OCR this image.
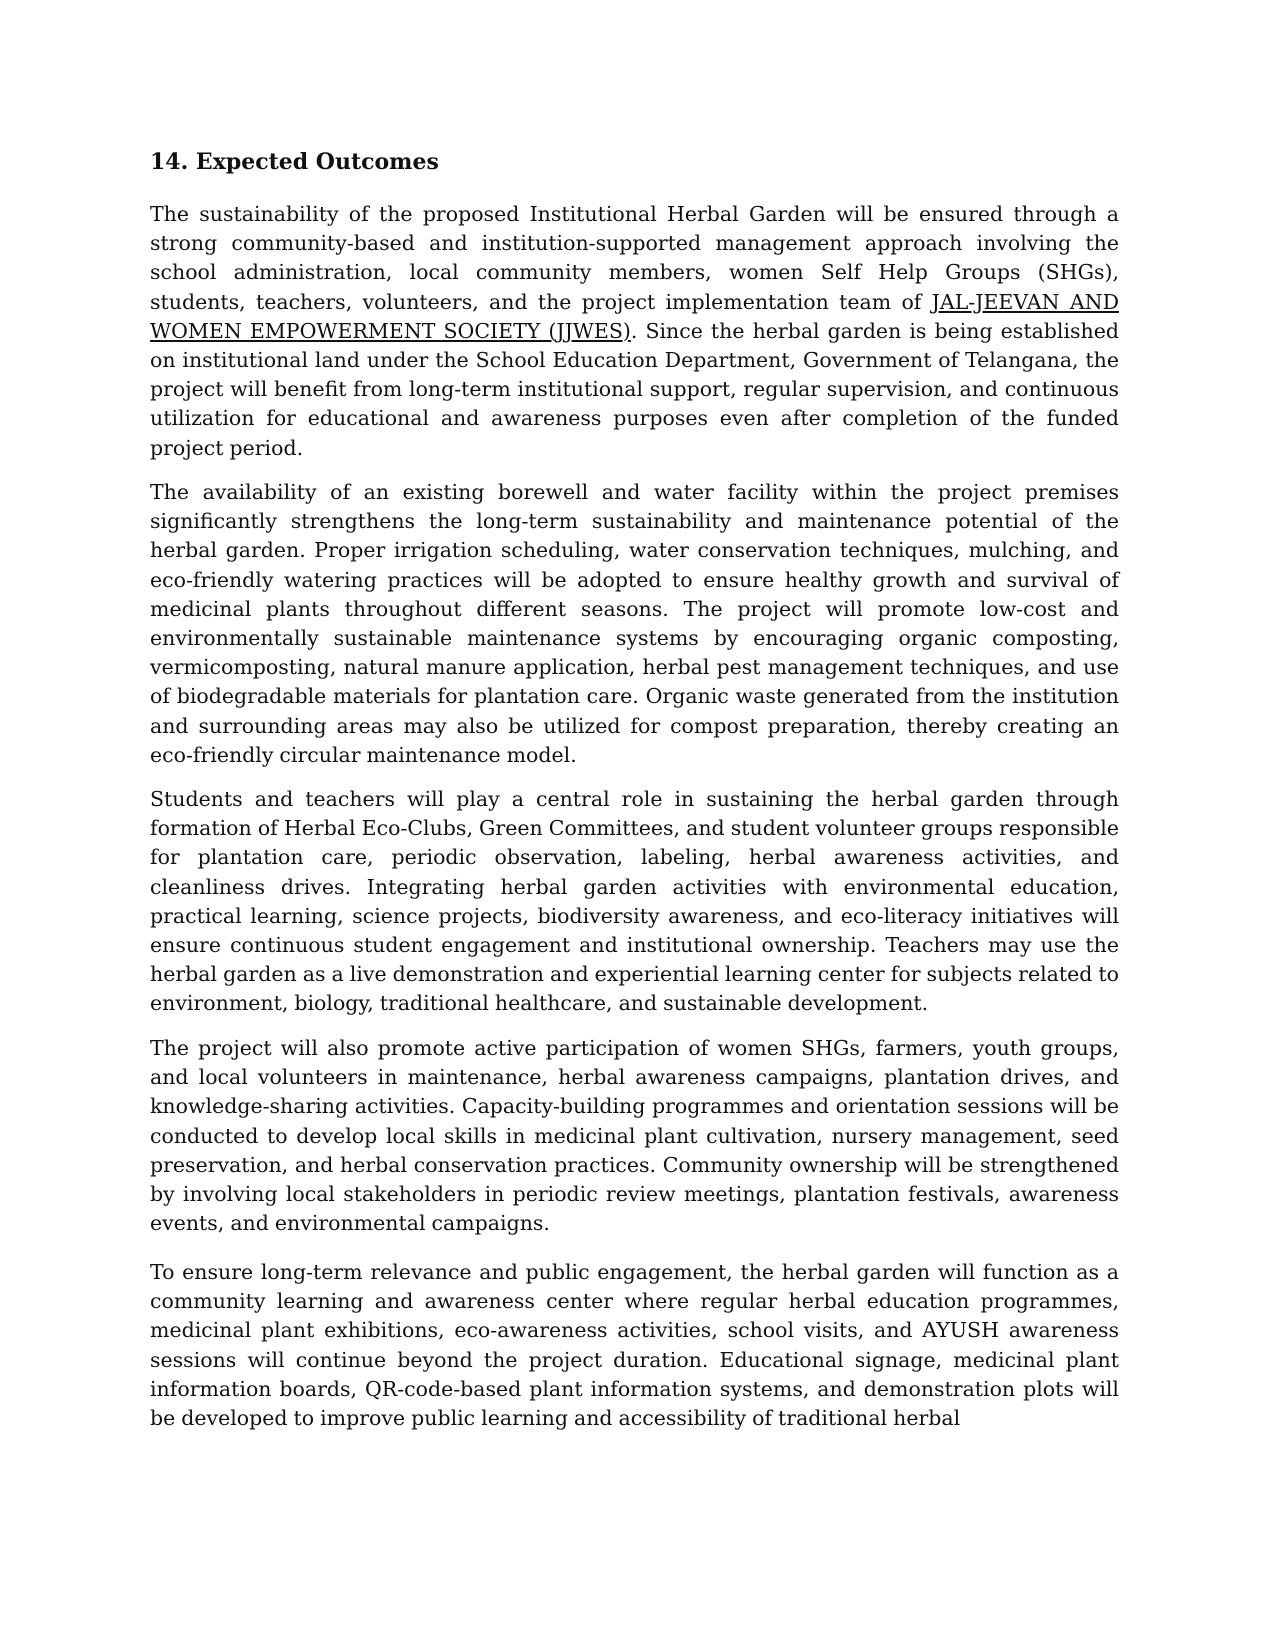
14. Expected Outcomes

The sustainability of the proposed Institutional Herbal Garden will be ensured through a strong community-based and institution-supported management approach involving the school administration, local community members, women Self Help Groups (SHGs), students, teachers, volunteers, and the project implementation team of JAL-JEEVAN AND WOMEN EMPOWERMENT SOCIETY (JJWES). Since the herbal garden is being established on institutional land under the School Education Department, Government of Telangana, the project will benefit from long-term institutional support, regular supervision, and continuous utilization for educational and awareness purposes even after completion of the funded project period.

The availability of an existing borewell and water facility within the project premises significantly strengthens the long-term sustainability and maintenance potential of the herbal garden. Proper irrigation scheduling, water conservation techniques, mulching, and eco-friendly watering practices will be adopted to ensure healthy growth and survival of medicinal plants throughout different seasons. The project will promote low-cost and environmentally sustainable maintenance systems by encouraging organic composting, vermicomposting, natural manure application, herbal pest management techniques, and use of biodegradable materials for plantation care. Organic waste generated from the institution and surrounding areas may also be utilized for compost preparation, thereby creating an eco-friendly circular maintenance model.

Students and teachers will play a central role in sustaining the herbal garden through formation of Herbal Eco-Clubs, Green Committees, and student volunteer groups responsible for plantation care, periodic observation, labeling, herbal awareness activities, and cleanliness drives. Integrating herbal garden activities with environmental education, practical learning, science projects, biodiversity awareness, and eco-literacy initiatives will ensure continuous student engagement and institutional ownership. Teachers may use the herbal garden as a live demonstration and experiential learning center for subjects related to environment, biology, traditional healthcare, and sustainable development.

The project will also promote active participation of women SHGs, farmers, youth groups, and local volunteers in maintenance, herbal awareness campaigns, plantation drives, and knowledge-sharing activities. Capacity-building programmes and orientation sessions will be conducted to develop local skills in medicinal plant cultivation, nursery management, seed preservation, and herbal conservation practices. Community ownership will be strengthened by involving local stakeholders in periodic review meetings, plantation festivals, awareness events, and environmental campaigns.

To ensure long-term relevance and public engagement, the herbal garden will function as a community learning and awareness center where regular herbal education programmes, medicinal plant exhibitions, eco-awareness activities, school visits, and AYUSH awareness sessions will continue beyond the project duration. Educational signage, medicinal plant information boards, QR-code-based plant information systems, and demonstration plots will be developed to improve public learning and accessibility of traditional herbal
